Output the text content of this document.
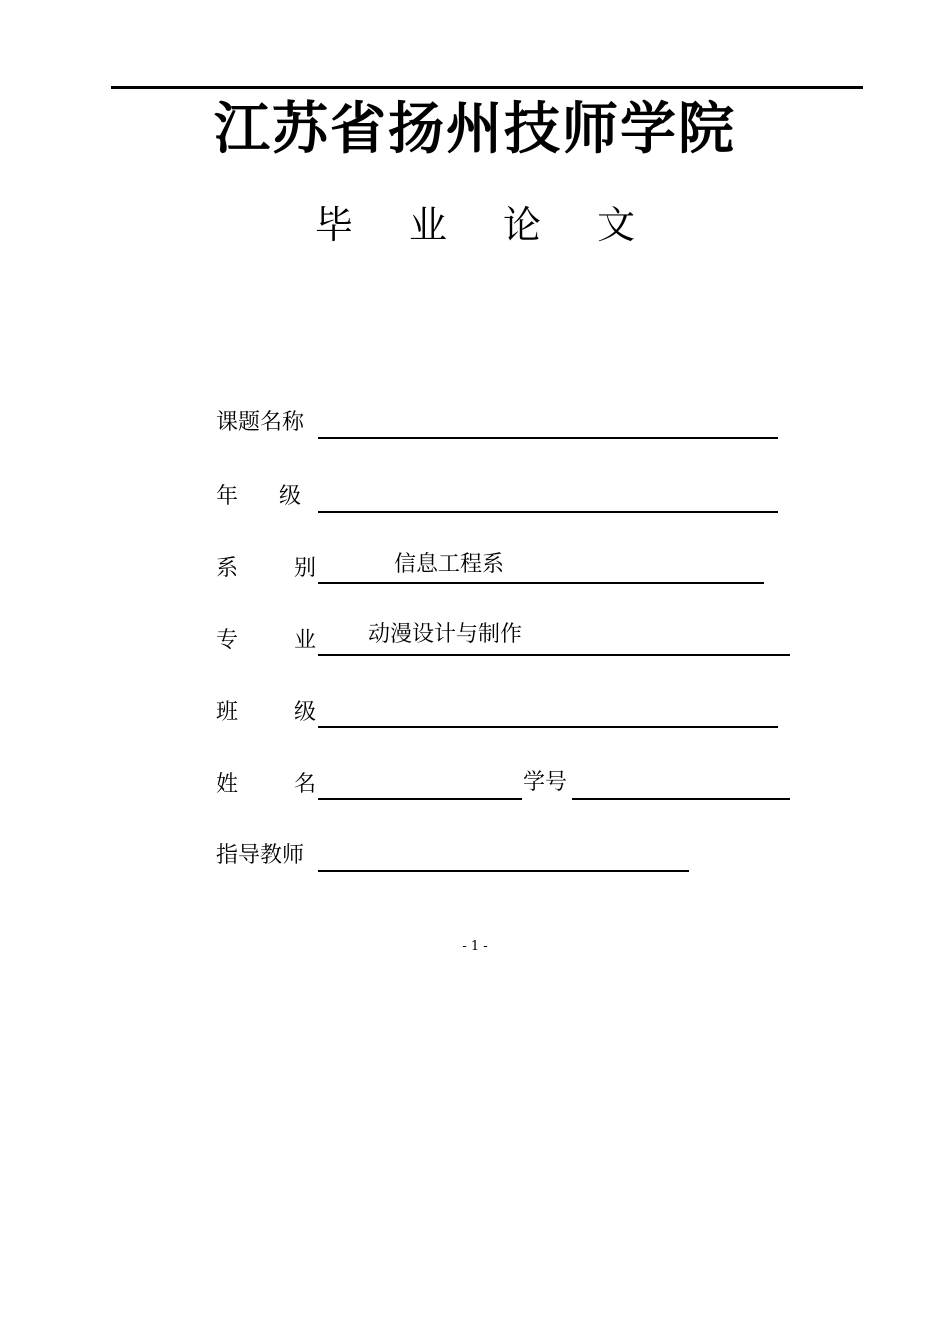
江苏省扬州技师学院
毕 业 论 文
课题名称
年 级
系	别	信息工程系
专	业 动漫设计与制作
班	级
姓	名	学号
指导教师
- 1 -
